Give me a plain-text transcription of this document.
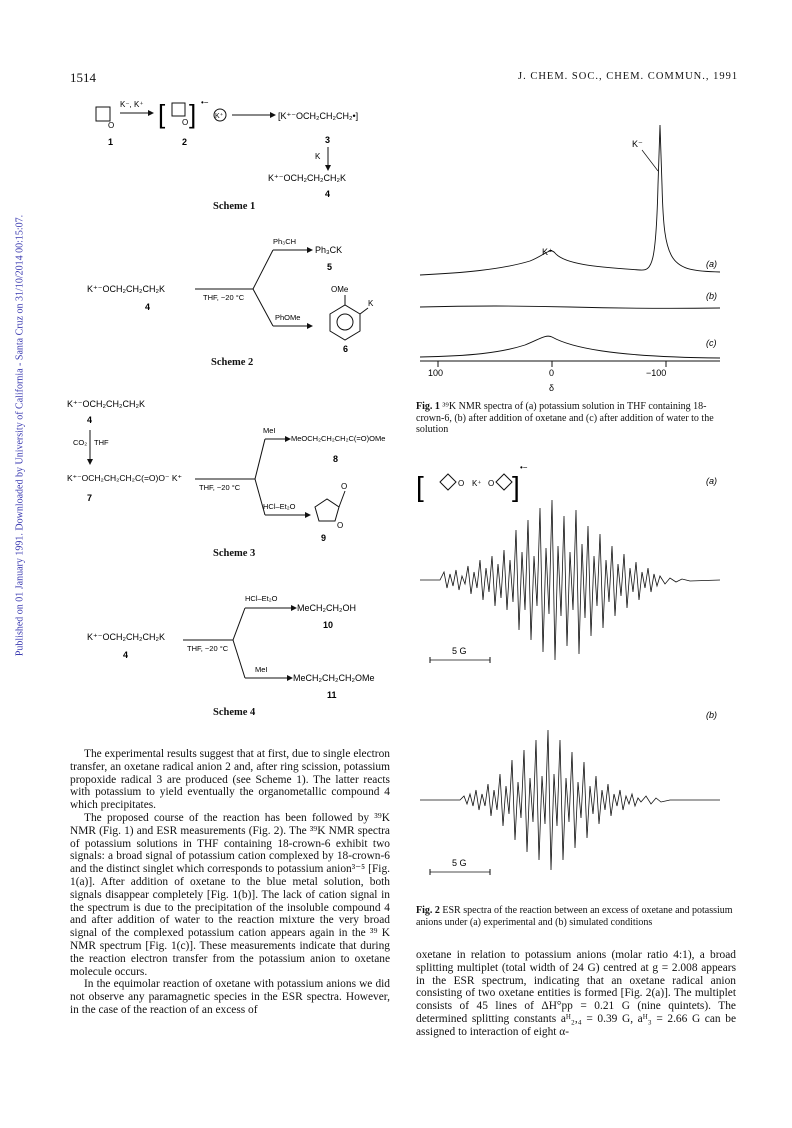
Published on 01 January 1991. Downloaded by University of California - Santa Cruz on 31/10/2014 00:15:07.
1514	J. CHEM. SOC., CHEM. COMMUN., 1991
O
K⁻, K⁺ [ O ] •−
K⁺	[K⁺⁻OCH₂CH₂CH₂•]
1	2	3
K
K⁺⁻OCH₂CH₂CH₂K
4
Scheme 1
K⁺⁻OCH₂CH₂CH₂K
4
THF, −20 °C
Ph₃CH
Ph₃CK
5
PhOMe
OMe
K
6
Scheme 2
K⁺⁻OCH₂CH₂CH₂K
4
CO₂ THF
K⁺⁻OCH₂CH₂CH₂C(=O)O⁻ K⁺
7
THF, −20 °C
MeI
MeOCH₂CH₂CH₂C(=O)OMe
8
HCl–Et₂O
O
O
9
Scheme 3
K⁺⁻OCH₂CH₂CH₂K
4
THF, −20 °C
HCl–Et₂O
MeCH₂CH₂OH
10
MeI
MeCH₂CH₂CH₂OMe
11
Scheme 4
K⁻
K⁺
(a)
(b)
(c)
100	0	−100
δ
Fig. 1 ³⁹K NMR spectra of (a) potassium solution in THF containing 18-crown-6, (b) after addition of oxetane and (c) after addition of water to the solution
[	O K⁺ O ]
•−
(a)
5 G
(b)
5 G
Fig. 2 ESR spectra of the reaction between an excess of oxetane and potassium anions under (a) experimental and (b) simulated conditions

The experimental results suggest that at first, due to single electron transfer, an oxetane radical anion 2 and, after ring scission, potassium propoxide radical 3 are produced (see Scheme 1). The latter reacts with potassium to yield eventually the organometallic compound 4 which precipitates.

The proposed course of the reaction has been followed by ³⁹K NMR (Fig. 1) and ESR measurements (Fig. 2). The ³⁹K NMR spectra of potassium solutions in THF containing 18-crown-6 exhibit two signals: a broad signal of potassium cation complexed by 18-crown-6 and the distinct singlet which corresponds to potassium anion³⁻⁵ [Fig. 1(a)]. After addition of oxetane to the blue metal solution, both signals disappear completely [Fig. 1(b)]. The lack of cation signal in the spectrum is due to the precipitation of the insoluble compound 4 and after addition of water to the reaction mixture the very broad signal of the complexed potassium cation appears again in the ³⁹ K NMR spectrum [Fig. 1(c)]. These measurements indicate that during the reaction electron transfer from the potassium anion to oxetane molecule occurs.

In the equimolar reaction of oxetane with potassium anions we did not observe any paramagnetic species in the ESR spectra. However, in the case of the reaction of an excess of

oxetane in relation to potassium anions (molar ratio 4:1), a broad splitting multiplet (total width of 24 G) centred at g = 2.008 appears in the ESR spectrum, indicating that an oxetane radical anion consisting of two oxetane entities is formed [Fig. 2(a)]. The multiplet consists of 45 lines of ΔH°pp = 0.21 G (nine quintets). The determined splitting constants aᴴ₂,₄ = 0.39 G, aᴴ₃ = 2.66 G can be assigned to interaction of eight α-
